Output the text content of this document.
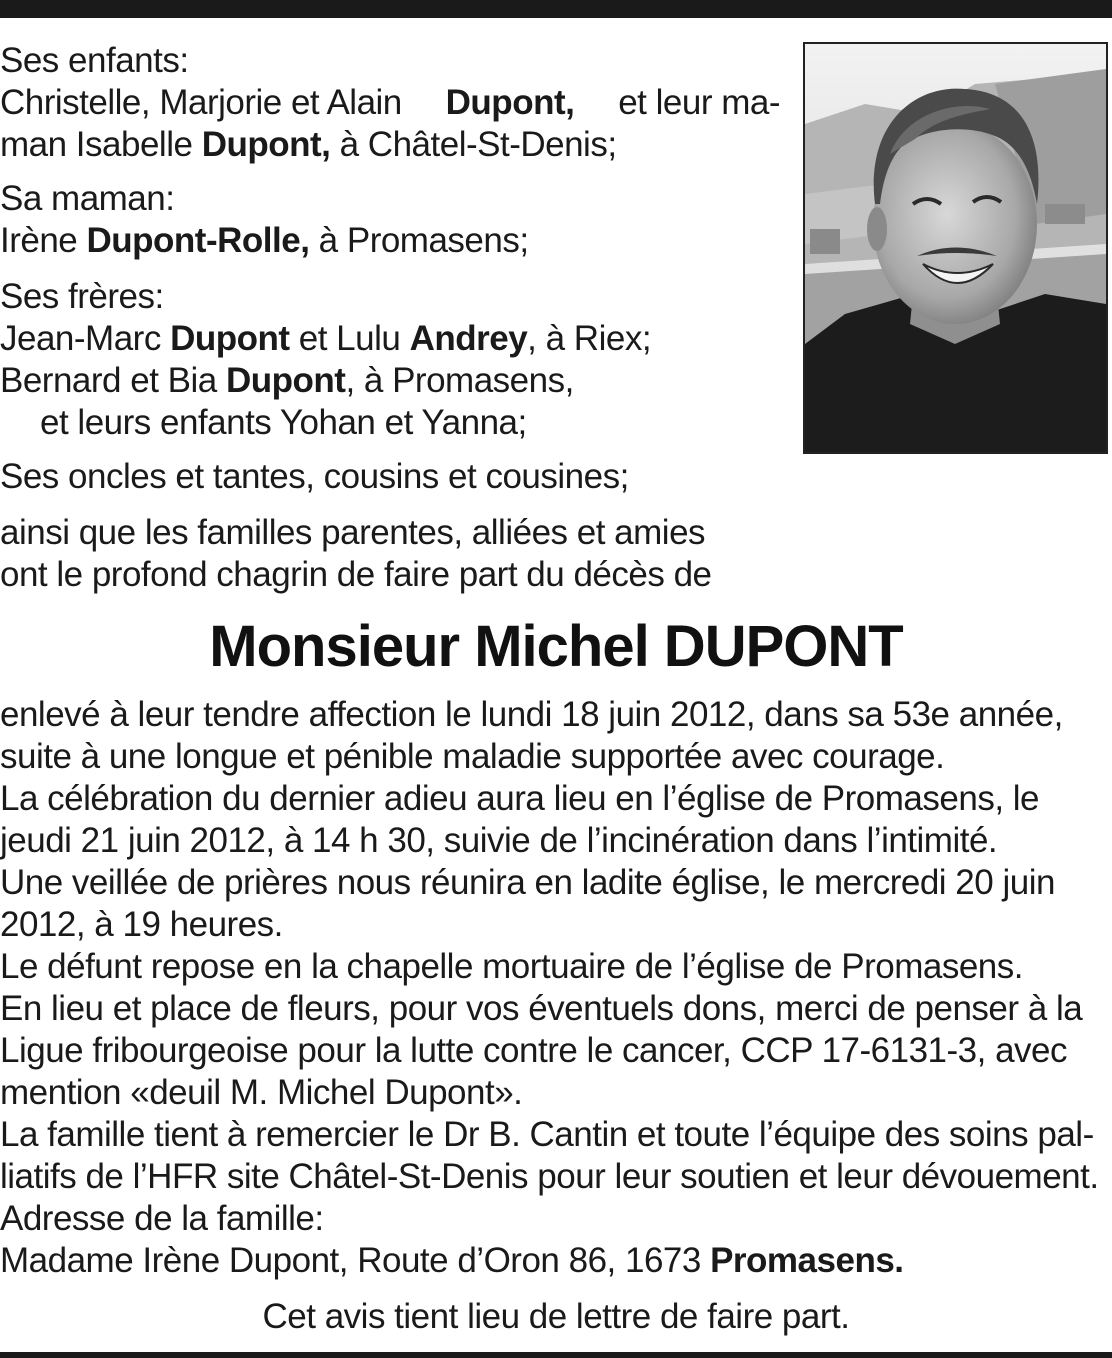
Ses enfants:
Christelle, Marjorie et Alain Dupont, et leur ma-
man Isabelle Dupont, à Châtel-St-Denis;
Sa maman:
Irène Dupont-Rolle, à Promasens;
Ses frères:
Jean-Marc Dupont et Lulu Andrey, à Riex;
Bernard et Bia Dupont, à Promasens,
et leurs enfants Yohan et Yanna;
Ses oncles et tantes, cousins et cousines;
ainsi que les familles parentes, alliées et amies
ont le profond chagrin de faire part du décès de
Monsieur Michel DUPONT
enlevé à leur tendre affection le lundi 18 juin 2012, dans sa 53e année,
suite à une longue et pénible maladie supportée avec courage.
La célébration du dernier adieu aura lieu en l’église de Promasens, le
jeudi 21 juin 2012, à 14 h 30, suivie de l’incinération dans l’intimité.
Une veillée de prières nous réunira en ladite église, le mercredi 20 juin
2012, à 19 heures.
Le défunt repose en la chapelle mortuaire de l’église de Promasens.
En lieu et place de fleurs, pour vos éventuels dons, merci de penser à la
Ligue fribourgeoise pour la lutte contre le cancer, CCP 17-6131-3, avec
mention «deuil M. Michel Dupont».
La famille tient à remercier le Dr B. Cantin et toute l’équipe des soins pal-
liatifs de l’HFR site Châtel-St-Denis pour leur soutien et leur dévouement.
Adresse de la famille:
Madame Irène Dupont, Route d’Oron 86, 1673 Promasens.
Cet avis tient lieu de lettre de faire part.
